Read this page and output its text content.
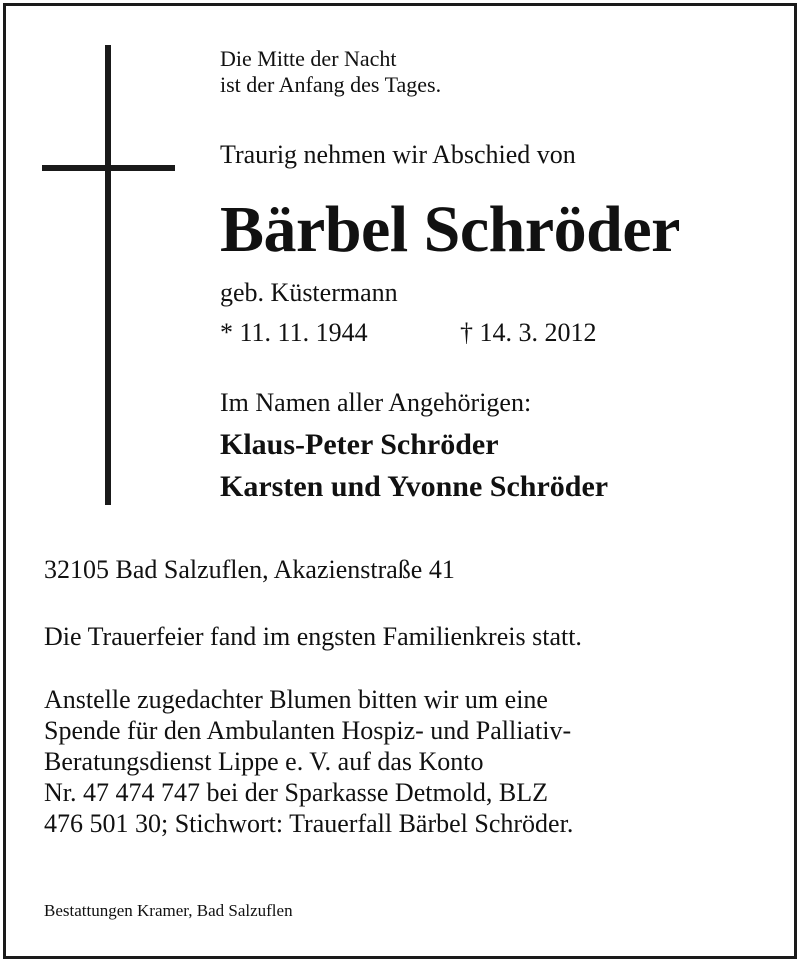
Die Mitte der Nacht
ist der Anfang des Tages.

Traurig nehmen wir Abschied von

Bärbel Schröder

geb. Küstermann

* 11. 11. 1944	† 14. 3. 2012

Im Namen aller Angehörigen:

Klaus-Peter Schröder

Karsten und Yvonne Schröder

32105 Bad Salzuflen, Akazienstraße 41

Die Trauerfeier fand im engsten Familienkreis statt.

Anstelle zugedachter Blumen bitten wir um eine
Spende für den Ambulanten Hospiz- und Palliativ-
Beratungsdienst Lippe e. V. auf das Konto
Nr. 47 474 747 bei der Sparkasse Detmold, BLZ
476 501 30; Stichwort: Trauerfall Bärbel Schröder.

Bestattungen Kramer, Bad Salzuflen
